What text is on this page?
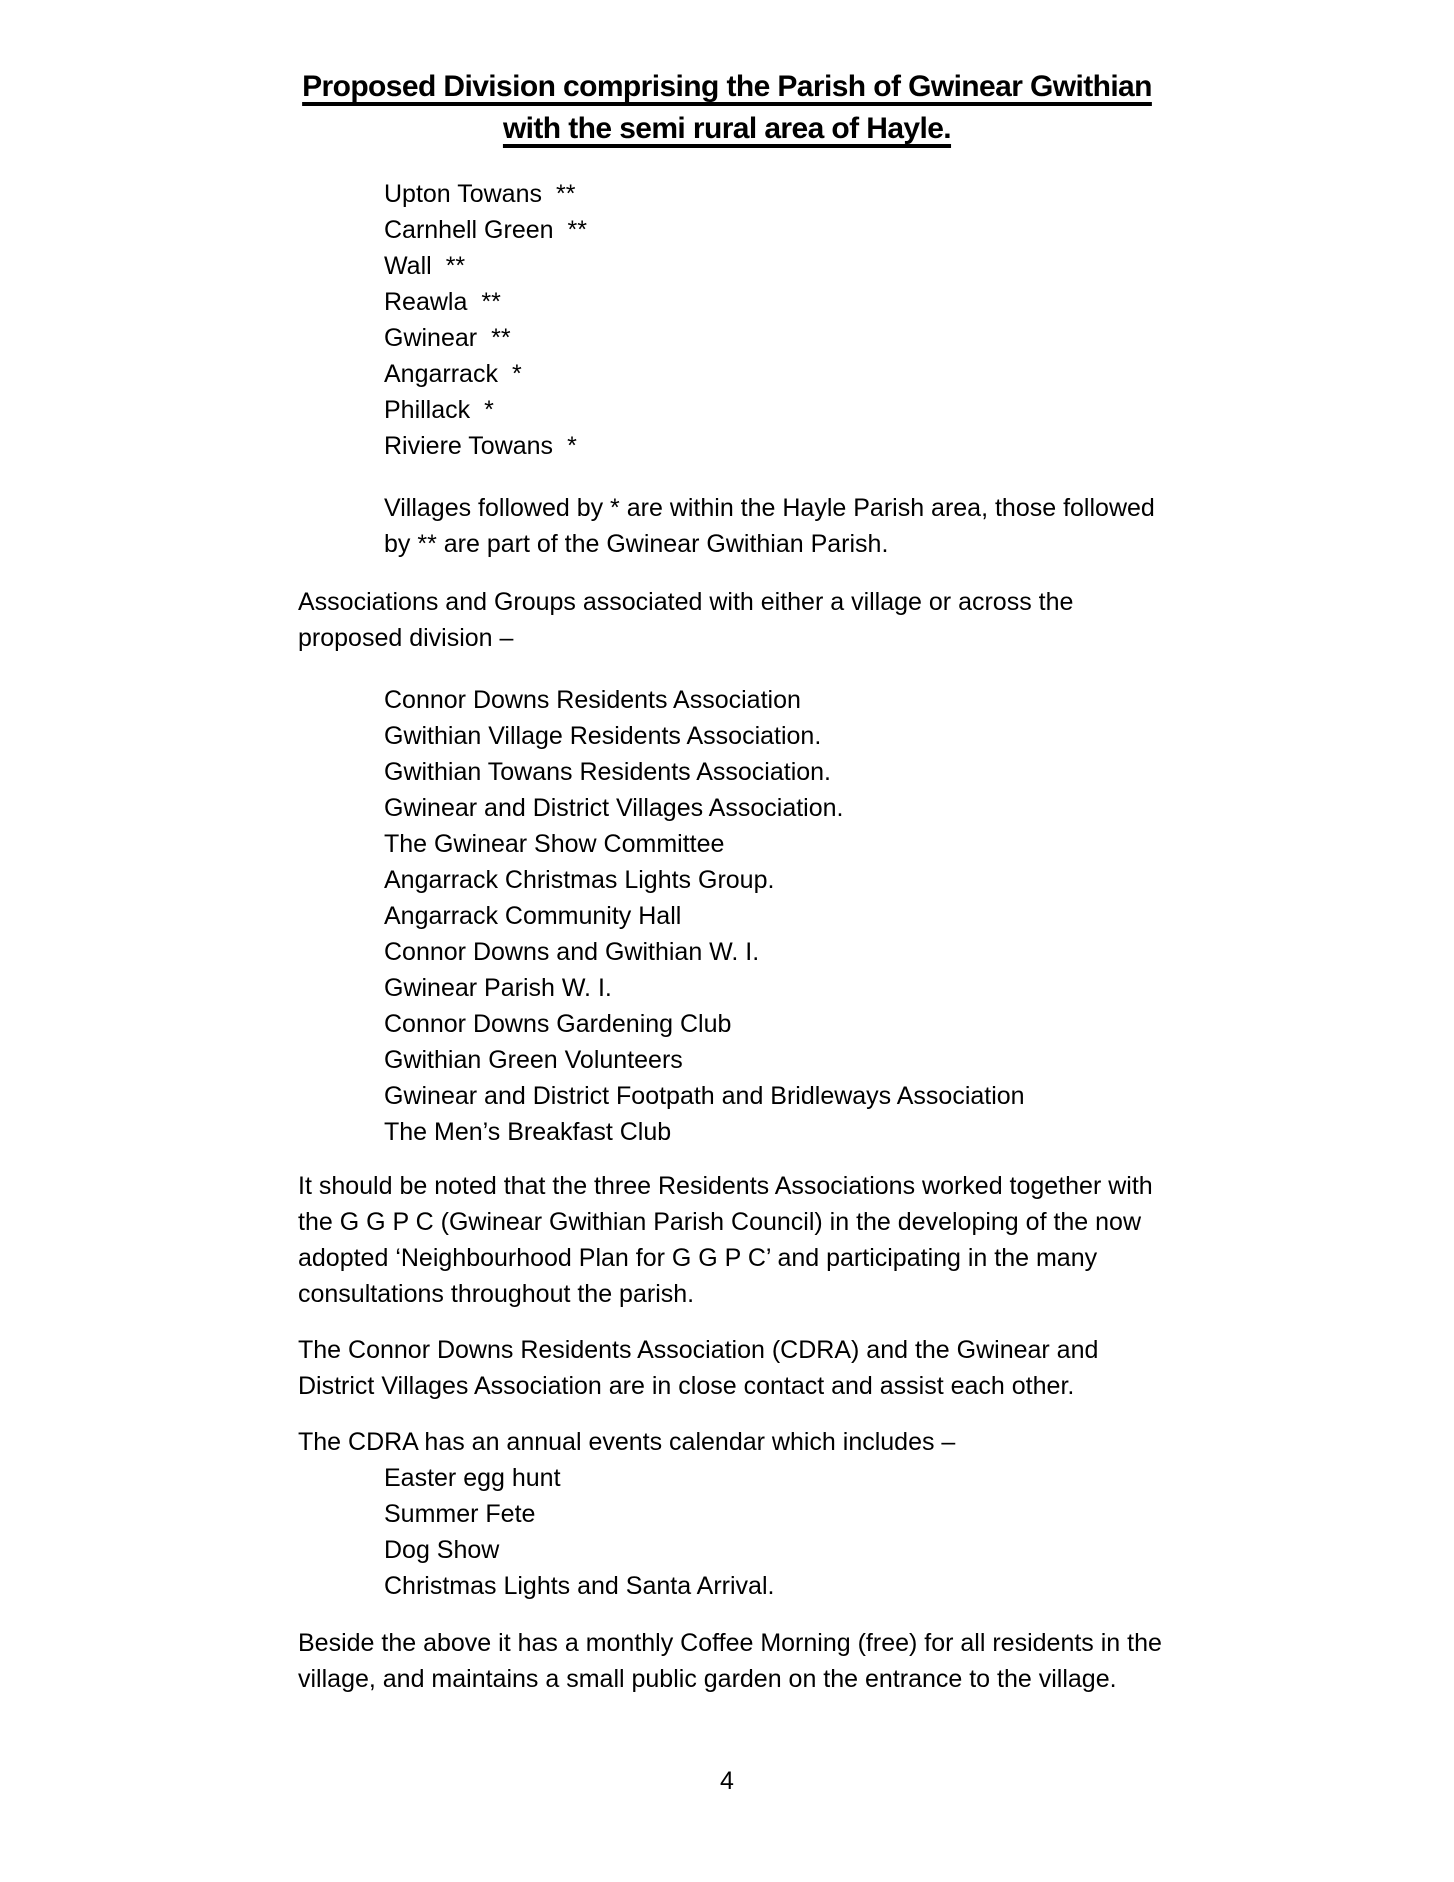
Proposed Division comprising the Parish of Gwinear Gwithian
with the semi rural area of Hayle.
Upton Towans **
Carnhell Green **
Wall **
Reawla **
Gwinear **
Angarrack *
Phillack *
Riviere Towans *
Villages followed by * are within the Hayle Parish area, those followed
by ** are part of the Gwinear Gwithian Parish.
Associations and Groups associated with either a village or across the
proposed division –
Connor Downs Residents Association
Gwithian Village Residents Association.
Gwithian Towans Residents Association.
Gwinear and District Villages Association.
The Gwinear Show Committee
Angarrack Christmas Lights Group.
Angarrack Community Hall
Connor Downs and Gwithian W. I.
Gwinear Parish W. I.
Connor Downs Gardening Club
Gwithian Green Volunteers
Gwinear and District Footpath and Bridleways Association
The Men’s Breakfast Club
It should be noted that the three Residents Associations worked together with
the G G P C (Gwinear Gwithian Parish Council) in the developing of the now
adopted ‘Neighbourhood Plan for G G P C’ and participating in the many
consultations throughout the parish.
The Connor Downs Residents Association (CDRA) and the Gwinear and
District Villages Association are in close contact and assist each other.
The CDRA has an annual events calendar which includes –
Easter egg hunt
Summer Fete
Dog Show
Christmas Lights and Santa Arrival.
Beside the above it has a monthly Coffee Morning (free) for all residents in the
village, and maintains a small public garden on the entrance to the village.
4
